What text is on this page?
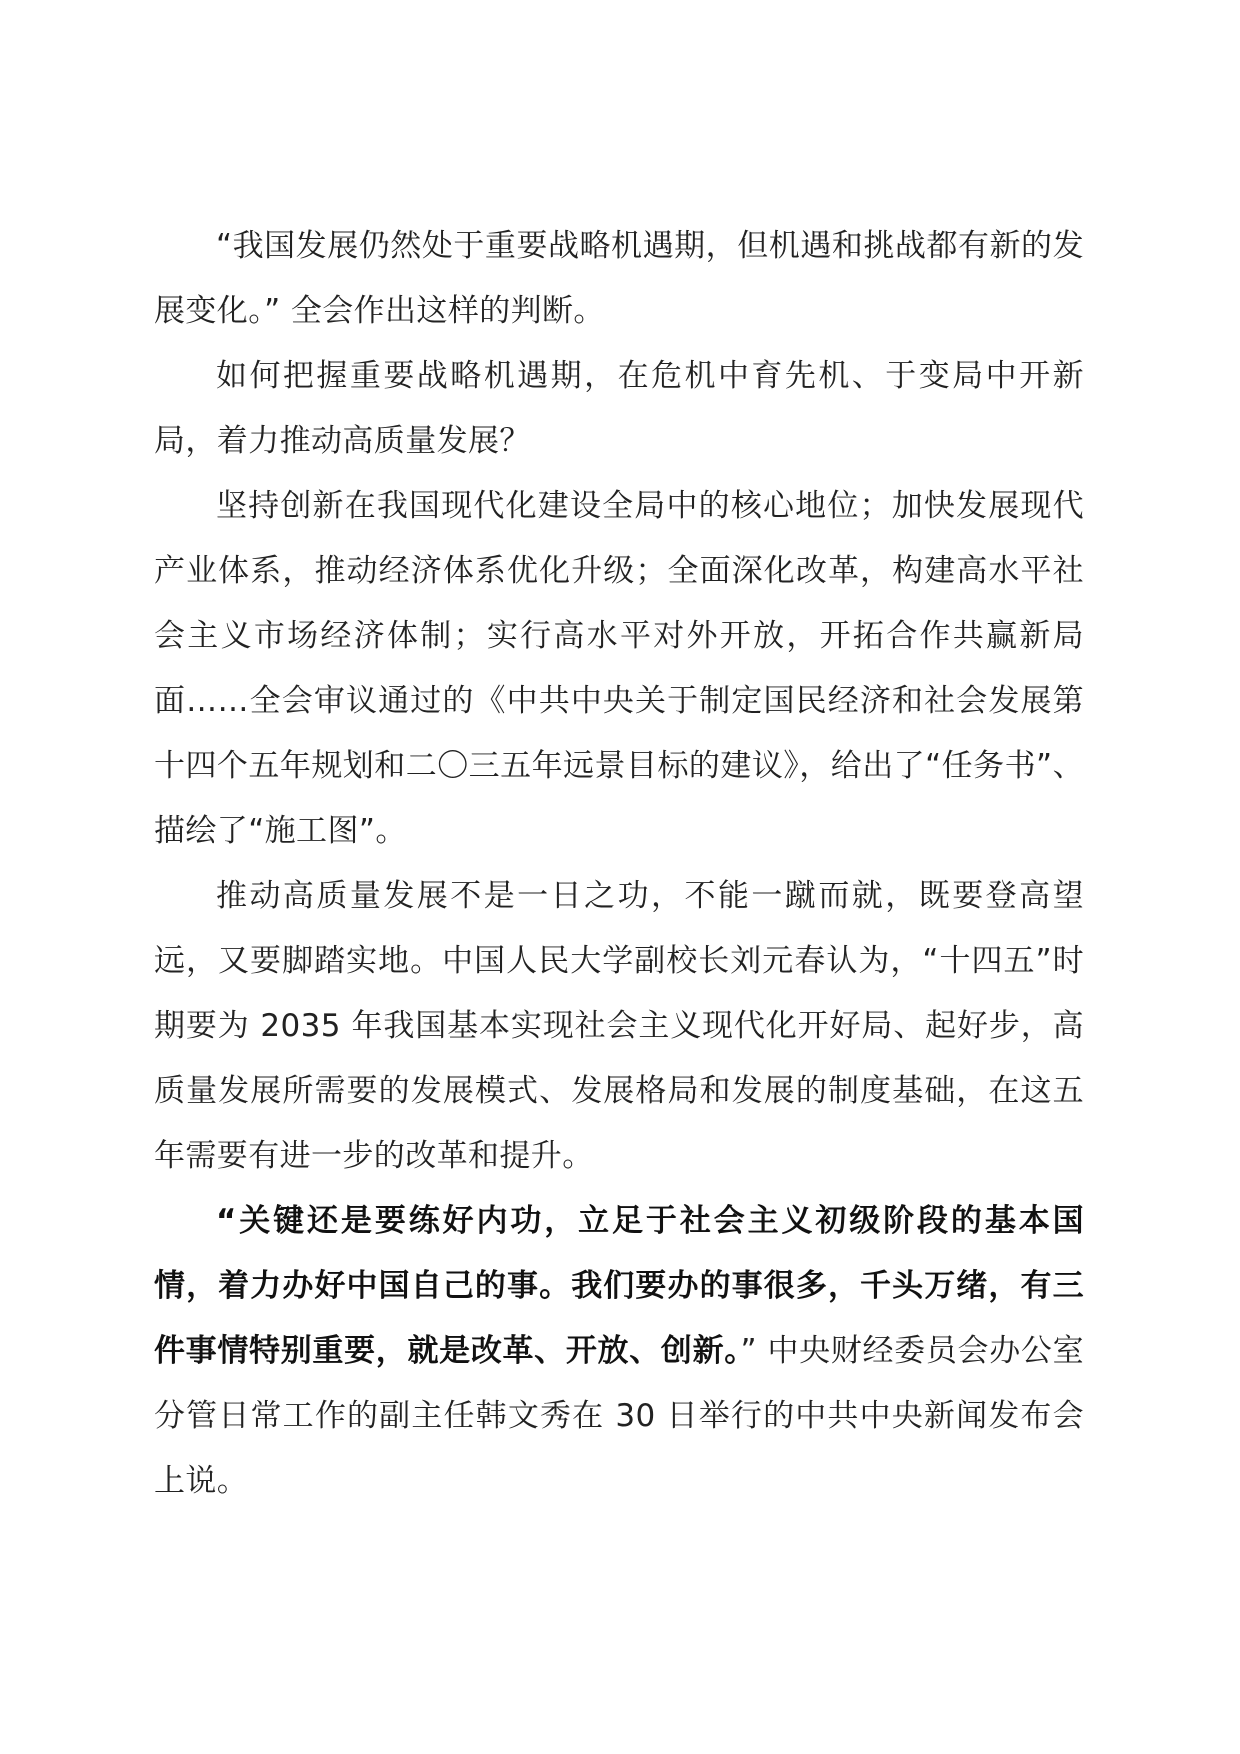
“我国发展仍然处于重要战略机遇期，但机遇和挑战都有新的发展变化。” 全会作出这样的判断。

如何把握重要战略机遇期，在危机中育先机、于变局中开新局，着力推动高质量发展？

坚持创新在我国现代化建设全局中的核心地位；加快发展现代产业体系，推动经济体系优化升级；全面深化改革，构建高水平社会主义市场经济体制；实行高水平对外开放，开拓合作共赢新局面……全会审议通过的《中共中央关于制定国民经济和社会发展第十四个五年规划和二〇三五年远景目标的建议》，给出了“任务书”、描绘了“施工图”。

推动高质量发展不是一日之功，不能一蹴而就，既要登高望远，又要脚踏实地。中国人民大学副校长刘元春认为，“十四五”时期要为 2035 年我国基本实现社会主义现代化开好局、起好步，高质量发展所需要的发展模式、发展格局和发展的制度基础，在这五年需要有进一步的改革和提升。

“关键还是要练好内功，立足于社会主义初级阶段的基本国情，着力办好中国自己的事。我们要办的事很多，千头万绪，有三件事情特别重要，就是改革、开放、创新。” 中央财经委员会办公室分管日常工作的副主任韩文秀在 30 日举行的中共中央新闻发布会上说。
